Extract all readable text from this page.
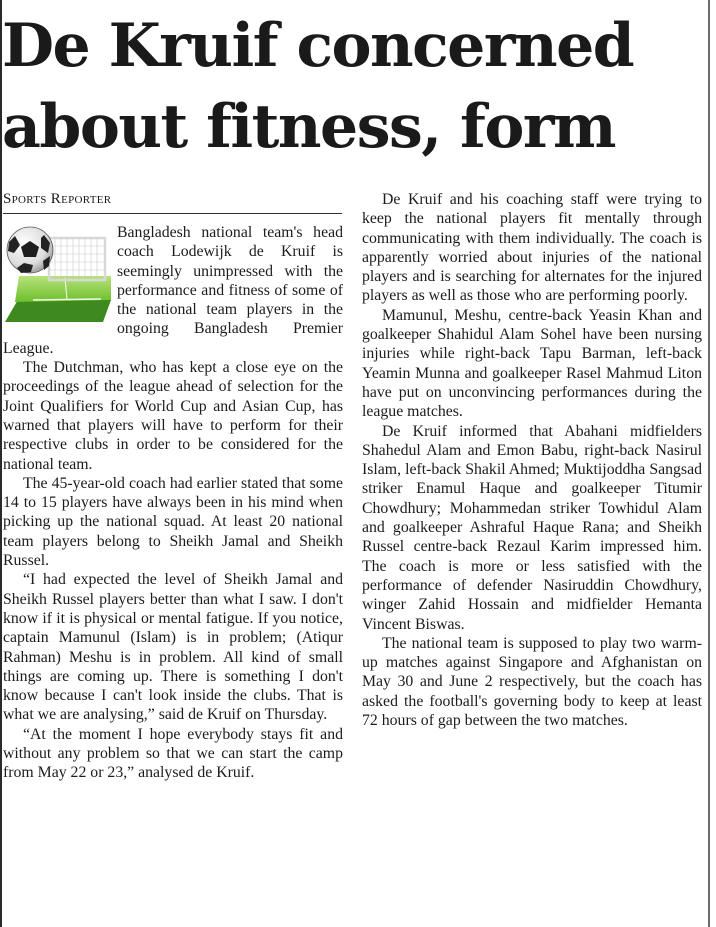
De Kruif concerned about fitness, form
Sports Reporter

Bangladesh national team's head coach Lodewijk de Kruif is seemingly unimpressed with the performance and fitness of some of the national team players in the ongoing Bangladesh Premier League.

The Dutchman, who has kept a close eye on the proceedings of the league ahead of selection for the Joint Qualifiers for World Cup and Asian Cup, has warned that players will have to perform for their respective clubs in order to be considered for the national team.

The 45-year-old coach had earlier stated that some 14 to 15 players have always been in his mind when picking up the national squad. At least 20 national team players belong to Sheikh Jamal and Sheikh Russel.

“I had expected the level of Sheikh Jamal and Sheikh Russel players better than what I saw. I don't know if it is physical or mental fatigue. If you notice, captain Mamunul (Islam) is in problem; (Atiqur Rahman) Meshu is in problem. All kind of small things are coming up. There is something I don't know because I can't look inside the clubs. That is what we are analysing,” said de Kruif on Thursday.

“At the moment I hope everybody stays fit and without any problem so that we can start the camp from May 22 or 23,” analysed de Kruif.

De Kruif and his coaching staff were trying to keep the national players fit mentally through communicating with them individually. The coach is apparently worried about injuries of the national players and is searching for alternates for the injured players as well as those who are performing poorly.

Mamunul, Meshu, centre-back Yeasin Khan and goalkeeper Shahidul Alam Sohel have been nursing injuries while right-back Tapu Barman, left-back Yeamin Munna and goalkeeper Rasel Mahmud Liton have put on unconvincing performances during the league matches.

De Kruif informed that Abahani midfielders Shahedul Alam and Emon Babu, right-back Nasirul Islam, left-back Shakil Ahmed; Muktijoddha Sangsad striker Enamul Haque and goalkeeper Titumir Chowdhury; Mohammedan striker Towhidul Alam and goalkeeper Ashraful Haque Rana; and Sheikh Russel centre-back Rezaul Karim impressed him. The coach is more or less satisfied with the performance of defender Nasiruddin Chowdhury, winger Zahid Hossain and midfielder Hemanta Vincent Biswas.

The national team is supposed to play two warm-up matches against Singapore and Afghanistan on May 30 and June 2 respectively, but the coach has asked the football's governing body to keep at least 72 hours of gap between the two matches.
